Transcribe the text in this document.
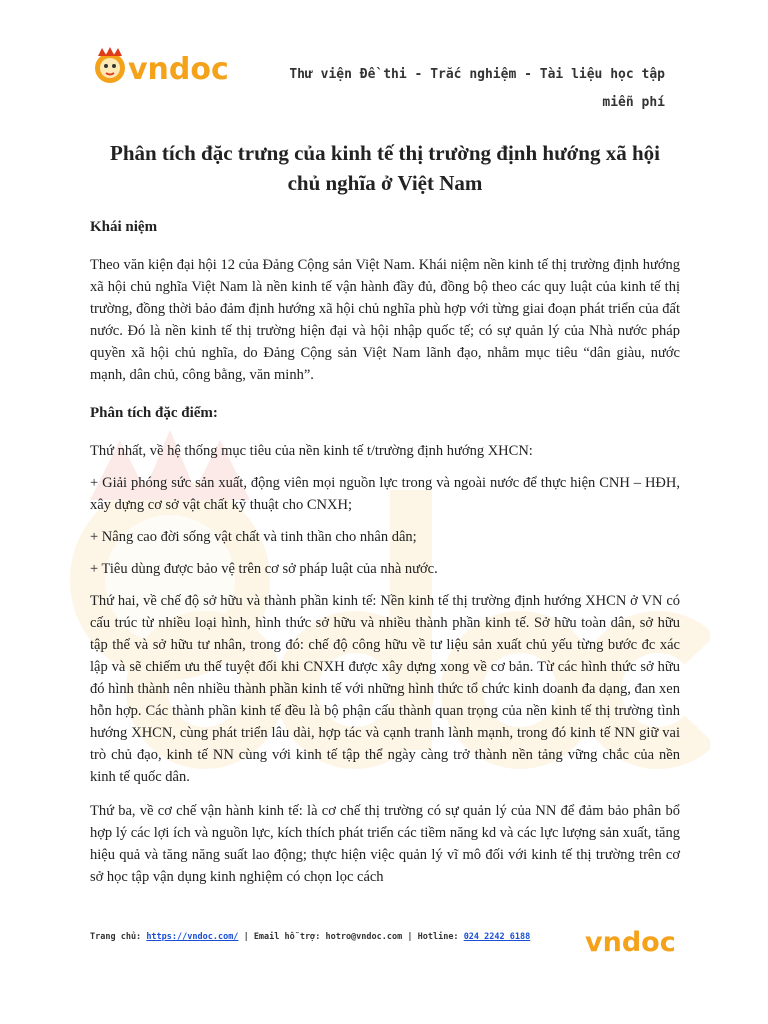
vndoc	Thư viện Đề thi - Trắc nghiệm - Tài liệu học tập miễn phí
Phân tích đặc trưng của kinh tế thị trường định hướng xã hội chủ nghĩa ở Việt Nam
Khái niệm

Theo văn kiện đại hội 12 của Đảng Cộng sản Việt Nam. Khái niệm nền kinh tế thị trường định hướng xã hội chủ nghĩa Việt Nam là nền kinh tế vận hành đầy đủ, đồng bộ theo các quy luật của kinh tế thị trường, đồng thời bảo đảm định hướng xã hội chủ nghĩa phù hợp với từng giai đoạn phát triển của đất nước. Đó là nền kinh tế thị trường hiện đại và hội nhập quốc tế; có sự quản lý của Nhà nước pháp quyền xã hội chủ nghĩa, do Đảng Cộng sản Việt Nam lãnh đạo, nhằm mục tiêu “dân giàu, nước mạnh, dân chủ, công bằng, văn minh”.

Phân tích đặc điểm:

Thứ nhất, về hệ thống mục tiêu của nền kinh tế t/trường định hướng XHCN:

+ Giải phóng sức sản xuất, động viên mọi nguồn lực trong và ngoài nước để thực hiện CNH – HĐH, xây dựng cơ sở vật chất kỹ thuật cho CNXH;

+ Nâng cao đời sống vật chất và tinh thần cho nhân dân;

+ Tiêu dùng được bảo vệ trên cơ sở pháp luật của nhà nước.

Thứ hai, về chế độ sở hữu và thành phần kinh tế: Nền kinh tế thị trường định hướng XHCN ở VN có cấu trúc từ nhiều loại hình, hình thức sở hữu và nhiều thành phần kinh tế. Sở hữu toàn dân, sở hữu tập thể và sở hữu tư nhân, trong đó: chế độ công hữu về tư liệu sản xuất chủ yếu từng bước đc xác lập và sẽ chiếm ưu thế tuyệt đối khi CNXH được xây dựng xong về cơ bản. Từ các hình thức sở hữu đó hình thành nên nhiều thành phần kinh tế với những hình thức tổ chức kinh doanh đa dạng, đan xen hỗn hợp. Các thành phần kinh tế đều là bộ phận cấu thành quan trọng của nền kinh tế thị trường tình hướng XHCN, cùng phát triển lâu dài, hợp tác và cạnh tranh lành mạnh, trong đó kinh tế NN giữ vai trò chủ đạo, kinh tế NN cùng với kinh tế tập thể ngày càng trở thành nền tảng vững chắc của nền kinh tế quốc dân.

Thứ ba, về cơ chế vận hành kinh tế: là cơ chế thị trường có sự quản lý của NN để đảm bảo phân bổ hợp lý các lợi ích và nguồn lực, kích thích phát triển các tiềm năng kd và các lực lượng sản xuất, tăng hiệu quả và tăng năng suất lao động; thực hiện việc quản lý vĩ mô đối với kinh tế thị trường trên cơ sở học tập vận dụng kinh nghiệm có chọn lọc cách

Trang chủ: https://vndoc.com/ | Email hỗ trợ: hotro@vndoc.com | Hotline: 024 2242 6188 vndoc
